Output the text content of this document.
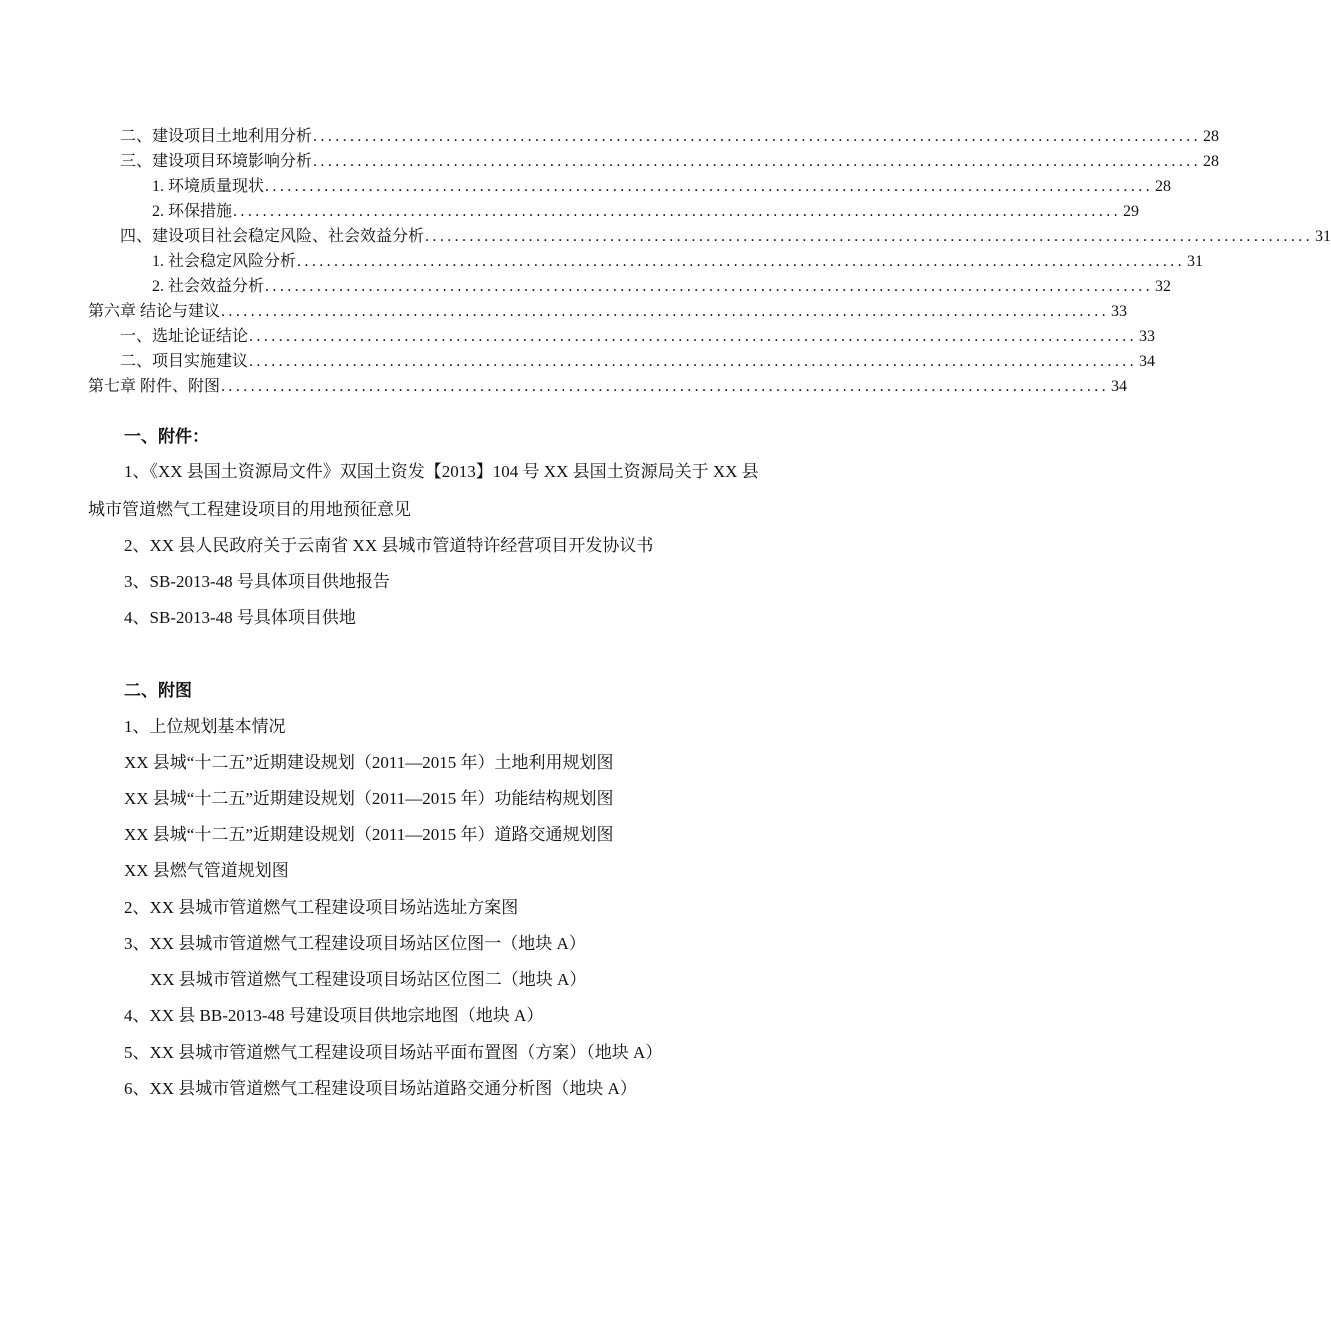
二、建设项目土地利用分析 ........................................................................................................................ 28
三、建设项目环境影响分析 ........................................................................................................................ 28
1. 环境质量现状 ........................................................................................................................ 28
2. 环保措施 ........................................................................................................................ 29
四、建设项目社会稳定风险、社会效益分析 ........................................................................................................................ 31
1. 社会稳定风险分析 ........................................................................................................................ 31
2. 社会效益分析 ........................................................................................................................ 32
第六章 结论与建议 ........................................................................................................................ 33
一、选址论证结论 ........................................................................................................................ 33
二、项目实施建议 ........................................................................................................................ 34
第七章 附件、附图 ........................................................................................................................ 34
一、附件：
1、《XX 县国土资源局文件》双国土资发【2013】104 号 XX 县国土资源局关于 XX 县
城市管道燃气工程建设项目的用地预征意见
2、XX 县人民政府关于云南省 XX 县城市管道特许经营项目开发协议书
3、SB-2013-48 号具体项目供地报告
4、SB-2013-48 号具体项目供地
二、附图
1、上位规划基本情况
XX 县城“十二五”近期建设规划（2011—2015 年）土地利用规划图
XX 县城“十二五”近期建设规划（2011—2015 年）功能结构规划图
XX 县城“十二五”近期建设规划（2011—2015 年）道路交通规划图
XX 县燃气管道规划图
2、XX 县城市管道燃气工程建设项目场站选址方案图
3、XX 县城市管道燃气工程建设项目场站区位图一（地块 A）
XX 县城市管道燃气工程建设项目场站区位图二（地块 A）
4、XX 县 BB-2013-48 号建设项目供地宗地图（地块 A）
5、XX 县城市管道燃气工程建设项目场站平面布置图（方案）（地块 A）
6、XX 县城市管道燃气工程建设项目场站道路交通分析图（地块 A）
